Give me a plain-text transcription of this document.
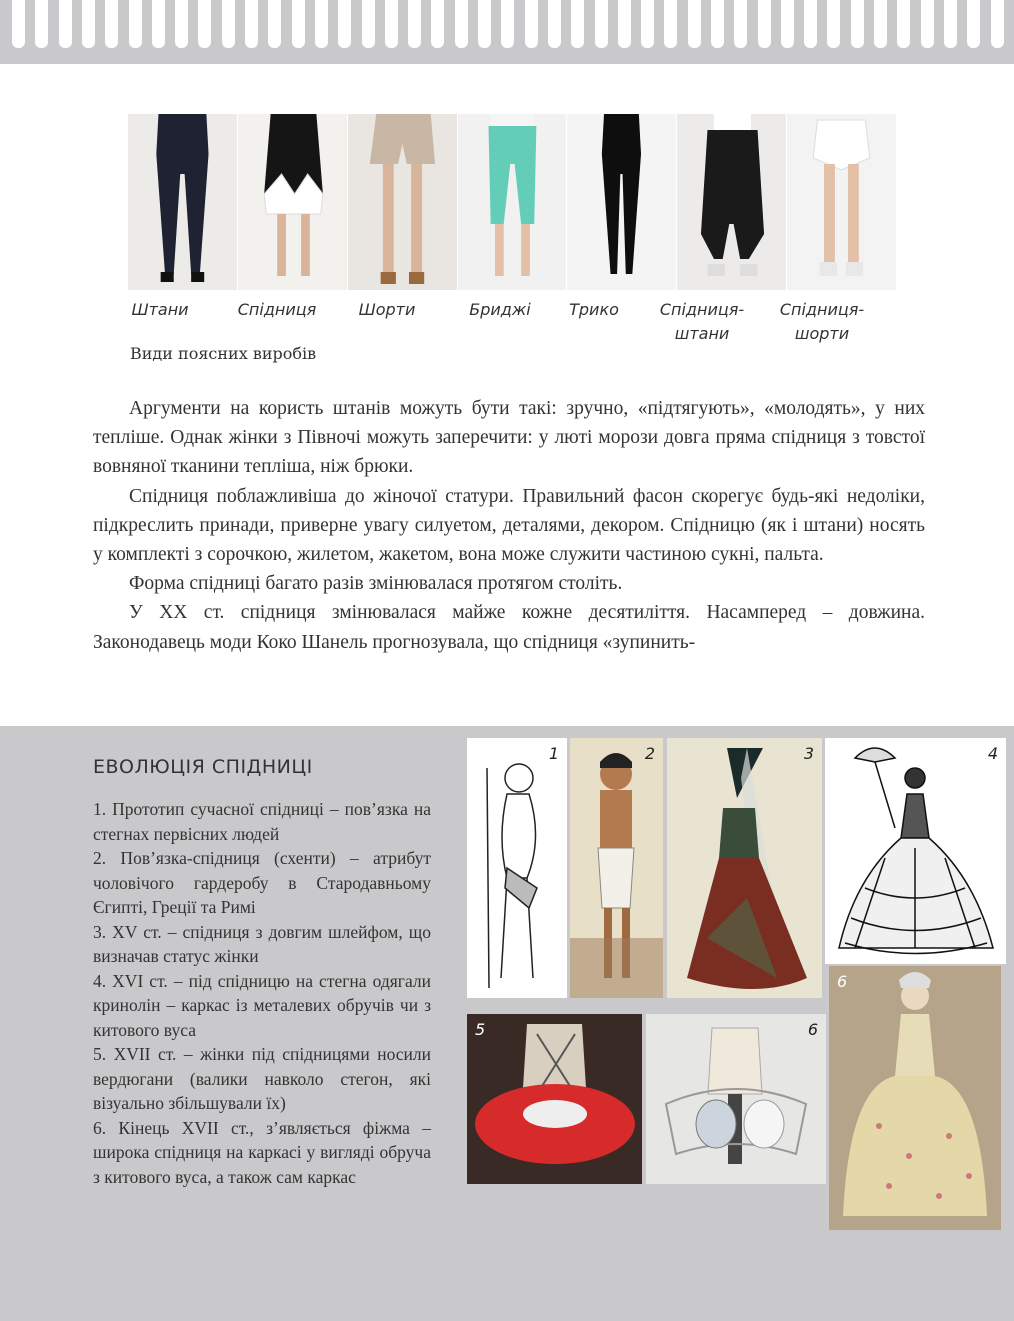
Штани	Спідниця	Шорти	Бриджі Трико	Спідниця-
штани
Спідниця-
шорти
Види поясних виробів

Аргументи на користь штанів можуть бути такі: зручно, «підтягують», «молодять», у них тепліше. Однак жінки з Півночі можуть заперечити: у люті морози довга пряма спідниця з товстої вовняної тканини тепліша, ніж брюки.

Спідниця поблажливіша до жіночої статури. Правильний фасон скорегує будь-які недоліки, підкреслить принади, приверне увагу силуетом, деталями, декором. Спідницю (як і штани) носять у комплекті з сорочкою, жилетом, жакетом, вона може служити частиною сукні, пальта.

Форма спідниці багато разів змінювалася протягом століть.

У ХХ ст. спідниця змінювалася майже кожне десятиліття. Насамперед – довжина. Законодавець моди Коко Шанель прогнозувала, що спідниця «зупинить-

ЕВОЛЮЦІЯ СПІДНИЦІ
1. Прототип сучасної спідниці – пов’язка на стегнах первісних людей
2. Пов’язка-спідниця (схенти) – атрибут чоловічого гардеробу в Стародавньому Єгипті, Греції та Римі
3. XV ст. – спідниця з довгим шлейфом, що визначав статус жінки
4. XVI ст. – під спідницю на стегна одягали кринолін – каркас із металевих обручів чи з китового вуса
5. XVII ст. – жінки під спідницями носили вердюгани (валики навколо стегон, які візуально збільшували їх)
6. Кінець XVII ст., з’являється фіжма – широка спідниця на каркасі у вигляді обруча з китового вуса, а також сам каркас
1	2	3	4
5	6
6
